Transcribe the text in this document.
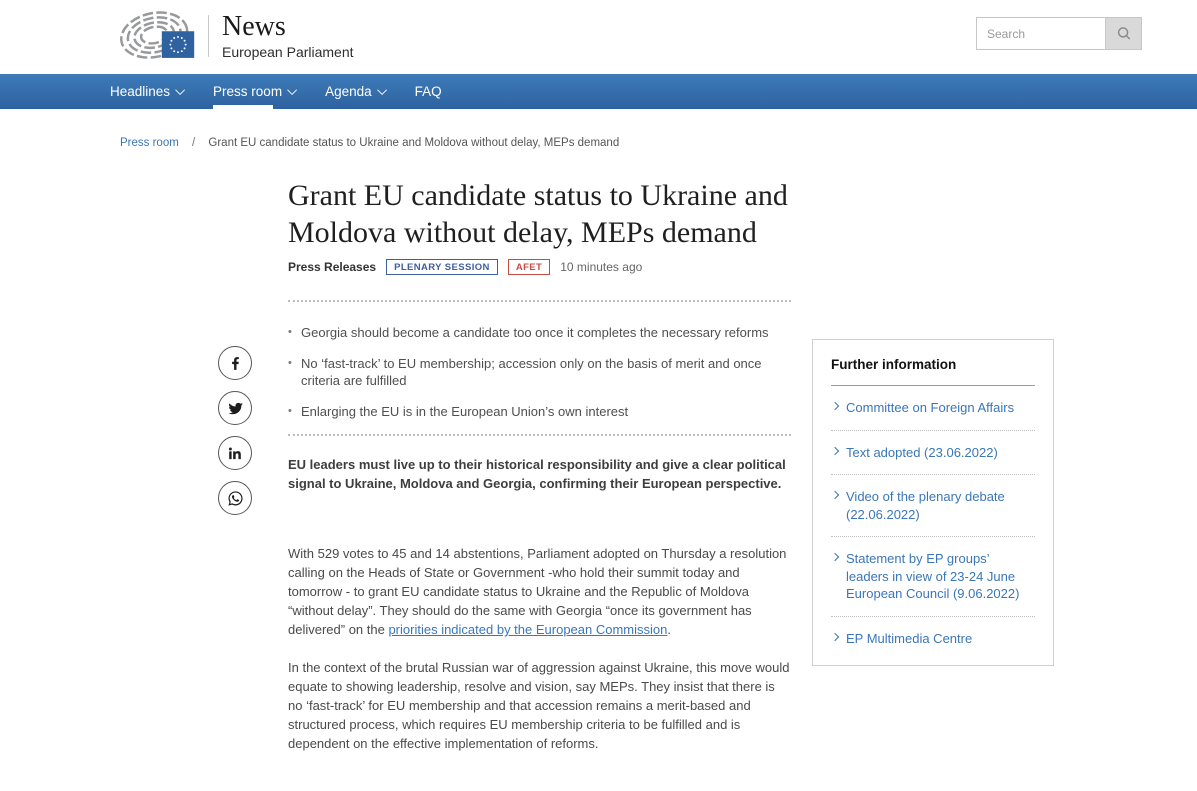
News
European Parliament
Search
Headlines	Press room	Agenda	FAQ
Press room / Grant EU candidate status to Ukraine and Moldova without delay, MEPs demand
Grant EU candidate status to Ukraine and Moldova without delay, MEPs demand
Press Releases	PLENARY SESSION	AFET	10 minutes ago
• Georgia should become a candidate too once it completes the necessary reforms
• No ‘fast-track’ to EU membership; accession only on the basis of merit and once criteria are fulfilled
• Enlarging the EU is in the European Union’s own interest

EU leaders must live up to their historical responsibility and give a clear political signal to Ukraine, Moldova and Georgia, confirming their European perspective.

With 529 votes to 45 and 14 abstentions, Parliament adopted on Thursday a resolution calling on the Heads of State or Government -who hold their summit today and tomorrow - to grant EU candidate status to Ukraine and the Republic of Moldova “without delay”. They should do the same with Georgia “once its government has delivered” on the priorities indicated by the European Commission.

In the context of the brutal Russian war of aggression against Ukraine, this move would equate to showing leadership, resolve and vision, say MEPs. They insist that there is no ‘fast-track’ for EU membership and that accession remains a merit-based and structured process, which requires EU membership criteria to be fulfilled and is dependent on the effective implementation of reforms.

Further information
Committee on Foreign Affairs
Text adopted (23.06.2022)
Video of the plenary debate (22.06.2022)
Statement by EP groups’ leaders in view of 23-24 June European Council (9.06.2022)
EP Multimedia Centre
